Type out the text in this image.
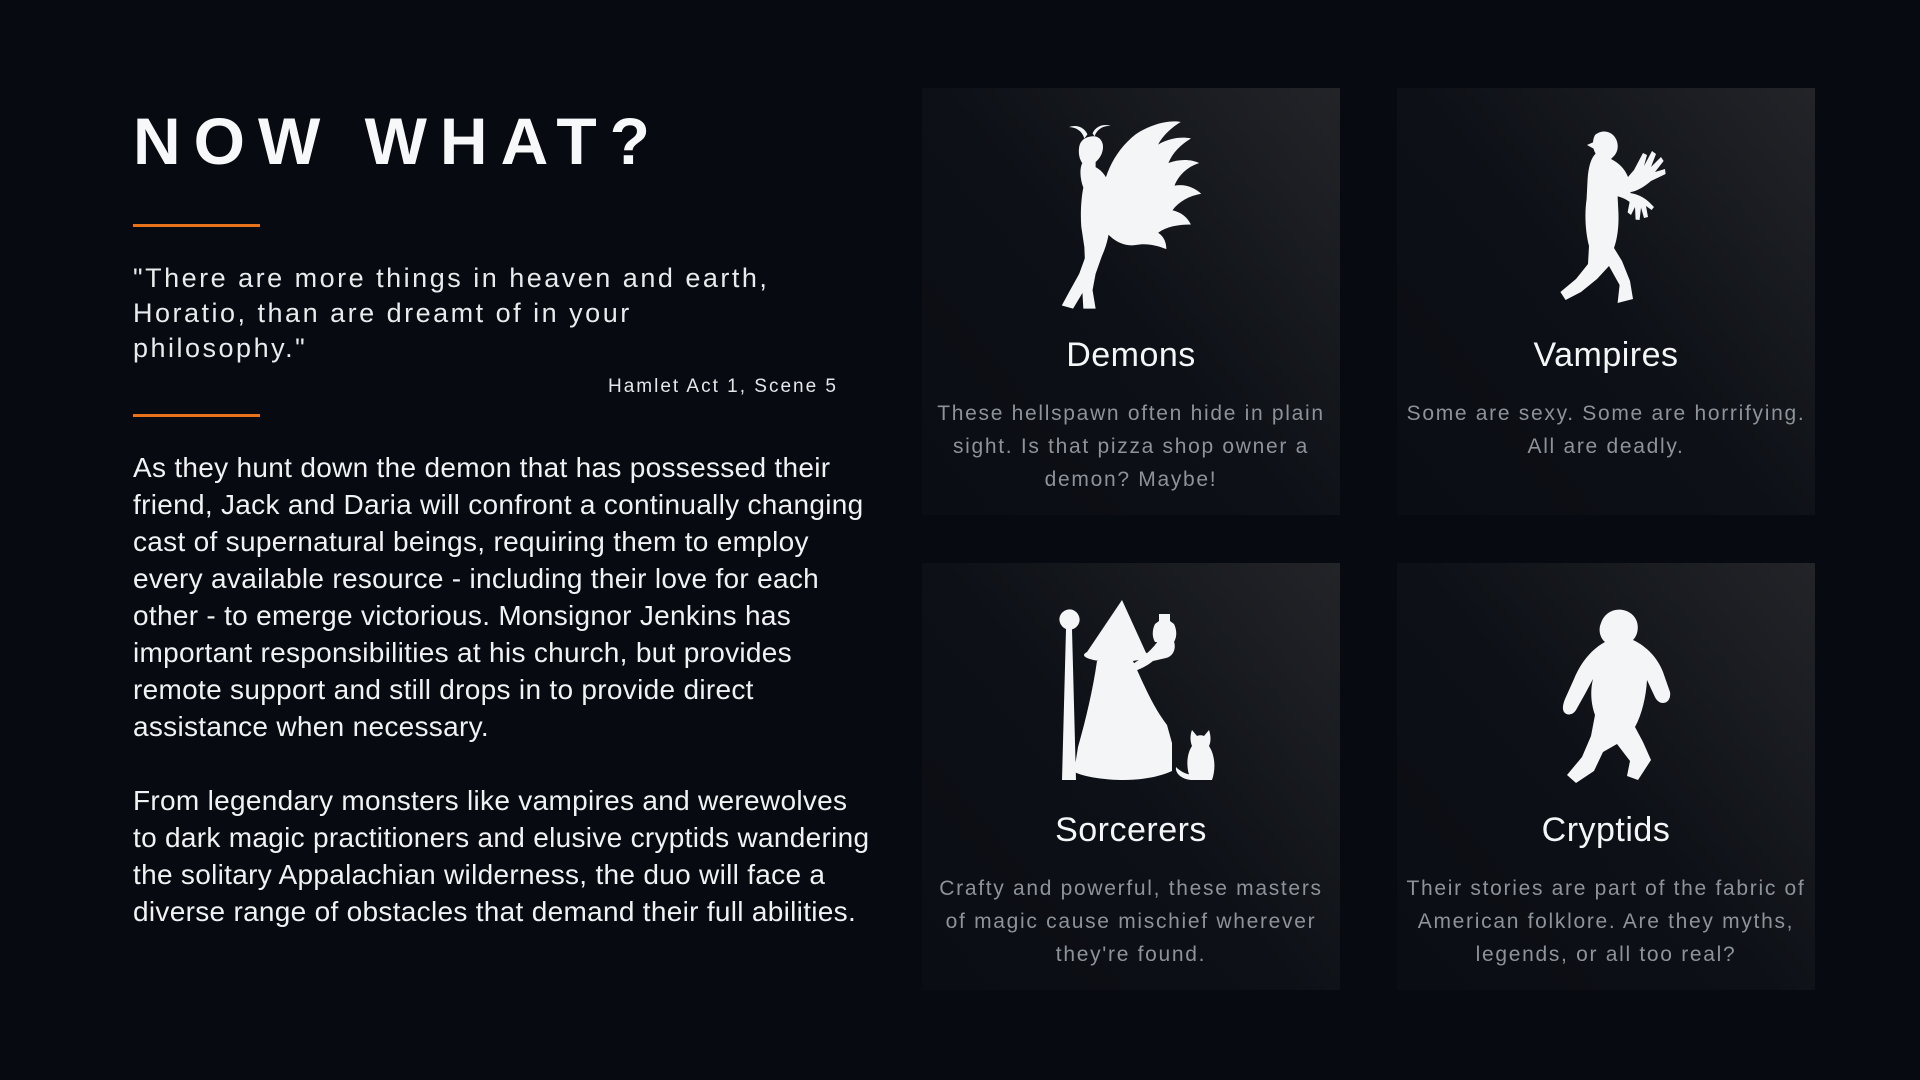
NOW WHAT?

"There are more things in heaven and earth, Horatio, than are dreamt of in your philosophy."

Hamlet Act 1, Scene 5

As they hunt down the demon that has possessed their friend, Jack and Daria will confront a continually changing cast of supernatural beings, requiring them to employ every available resource - including their love for each other - to emerge victorious. Monsignor Jenkins has important responsibilities at his church, but provides remote support and still drops in to provide direct assistance when necessary.

From legendary monsters like vampires and werewolves to dark magic practitioners and elusive cryptids wandering the solitary Appalachian wilderness, the duo will face a diverse range of obstacles that demand their full abilities.

Demons

These hellspawn often hide in plain sight. Is that pizza shop owner a demon? Maybe!

Vampires

Some are sexy. Some are horrifying. All are deadly.

Sorcerers

Crafty and powerful, these masters of magic cause mischief wherever they're found.

Cryptids

Their stories are part of the fabric of American folklore. Are they myths, legends, or all too real?
